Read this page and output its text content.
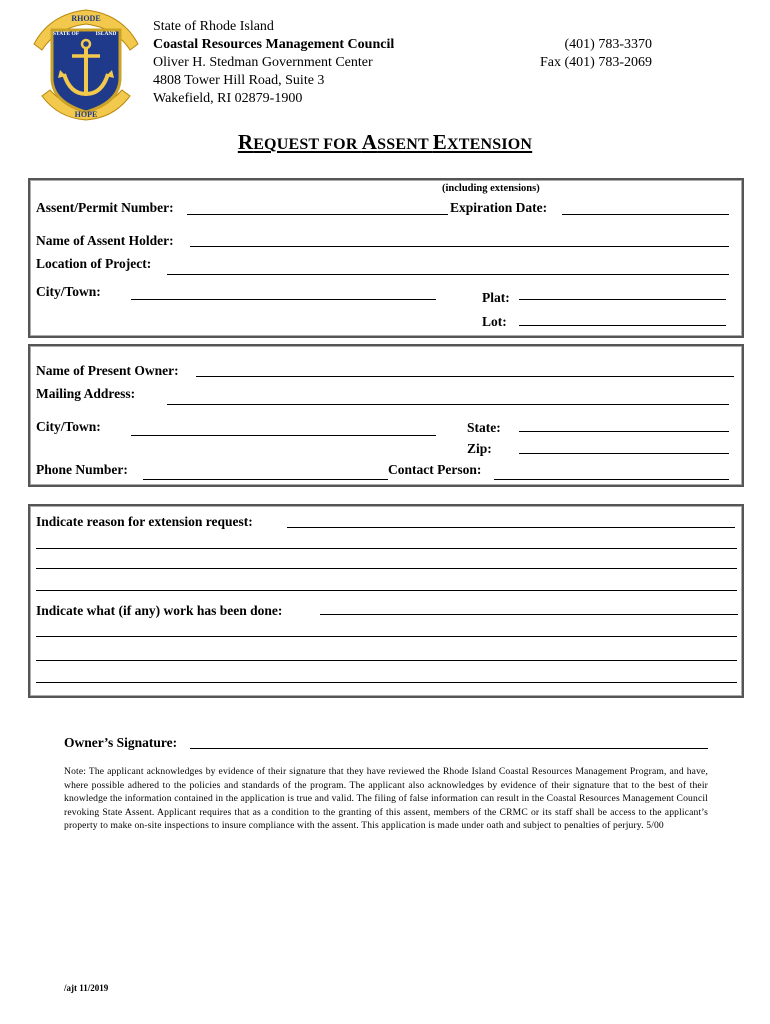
RHODE
STATE OF	ISLAND
HOPE
State of Rhode Island
Coastal Resources Management Council
Oliver H. Stedman Government Center
4808 Tower Hill Road, Suite 3
Wakefield, RI 02879-1900
(401) 783-3370
Fax (401) 783-2069
REQUEST FOR ASSENT EXTENSION
(including extensions)
Assent/Permit Number:	Expiration Date:
Name of Assent Holder:
Location of Project:
City/Town:	Plat:
Lot:
Name of Present Owner:
Mailing Address:
City/Town:	State:
Zip:
Phone Number:	Contact Person:
Indicate reason for extension request:
Indicate what (if any) work has been done:
Owner’s Signature:
Note: The applicant acknowledges by evidence of their signature that they have reviewed the Rhode Island Coastal Resources Management Program, and have, where possible adhered to the policies and standards of the program. The applicant also acknowledges by evidence of their signature that to the best of their knowledge the information contained in the application is true and valid. The filing of false information can result in the Coastal Resources Management Council revoking State Assent. Applicant requires that as a condition to the granting of this assent, members of the CRMC or its staff shall be access to the applicant’s property to make on-site inspections to insure compliance with the assent. This application is made under oath and subject to penalties of perjury. 5/00
/ajt 11/2019
